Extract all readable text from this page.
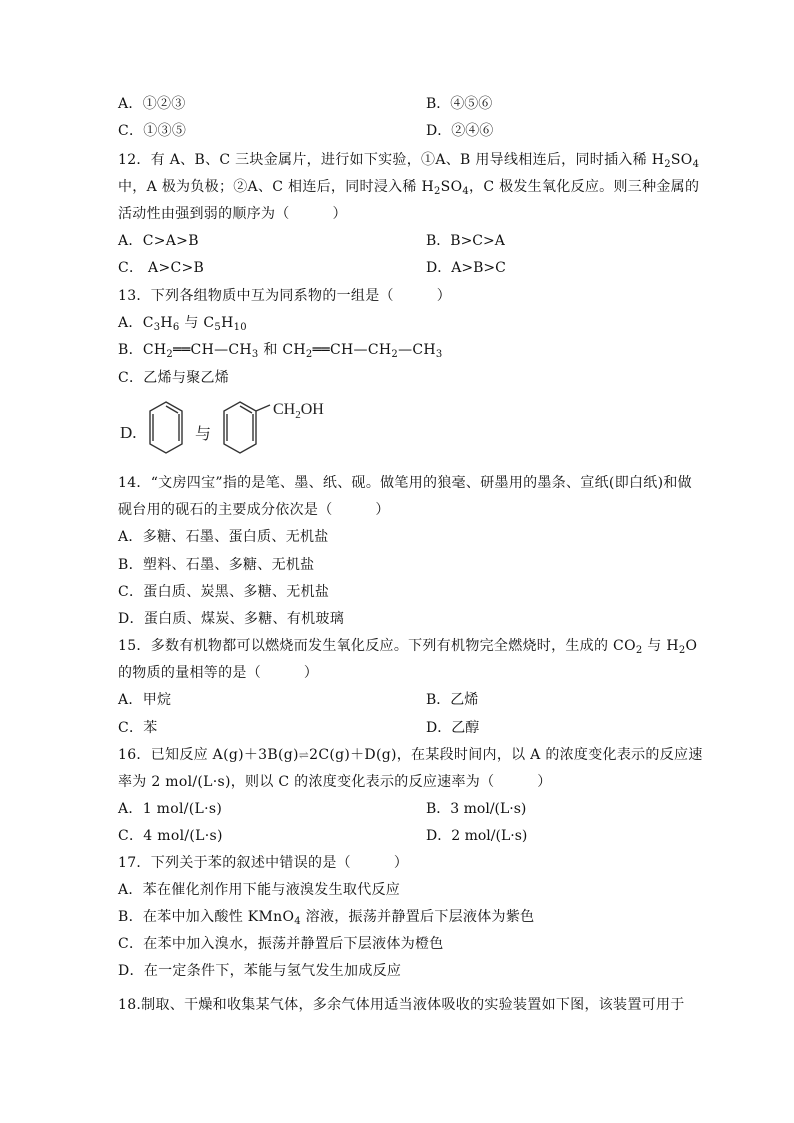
A．①②③	B．④⑤⑥
C．①③⑤	D．②④⑥
12．有 A、B、C 三块金属片，进行如下实验，①A、B 用导线相连后，同时插入稀 $H_2SO_4$
中，A 极为负极；②A、C 相连后，同时浸入稀 $H_2SO_4$，C 极发生氧化反应。则三种金属的
活动性由强到弱的顺序为（　　　）
A．C>A>B	B．B>C>A
C． A>C>B	D．A>B>C
13．下列各组物质中互为同系物的一组是（　　　）
A．$C_3H_6$ 与 $C_5H_{10}$
B．$CH_2══CH—CH_3$ 和 $CH_2══CH—CH_2—CH_3$
C．乙烯与聚乙烯
D.	与
$CH_2OH$
14．“文房四宝”指的是笔、墨、纸、砚。做笔用的狼毫、研墨用的墨条、宣纸(即白纸)和做
砚台用的砚石的主要成分依次是（　　　）
A．多糖、石墨、蛋白质、无机盐
B．塑料、石墨、多糖、无机盐
C．蛋白质、炭黑、多糖、无机盐
D．蛋白质、煤炭、多糖、有机玻璃
15．多数有机物都可以燃烧而发生氧化反应。下列有机物完全燃烧时，生成的 $CO_2$ 与 $H_2O$
的物质的量相等的是（　　　）
A．甲烷	B．乙烯
C．苯	D．乙醇
16．已知反应 A(g)＋3B(g)⇌2C(g)＋D(g)，在某段时间内，以 A 的浓度变化表示的反应速
率为 2 mol/(L·s)，则以 C 的浓度变化表示的反应速率为（　　　）
A．1 mol/(L·s)	B．3 mol/(L·s)
C．4 mol/(L·s)	D．2 mol/(L·s)
17．下列关于苯的叙述中错误的是（　　　）
A．苯在催化剂作用下能与液溴发生取代反应
B．在苯中加入酸性 KMnO$_4$ 溶液，振荡并静置后下层液体为紫色
C．在苯中加入溴水，振荡并静置后下层液体为橙色
D．在一定条件下，苯能与氢气发生加成反应
18.制取、干燥和收集某气体，多余气体用适当液体吸收的实验装置如下图，该装置可用于
